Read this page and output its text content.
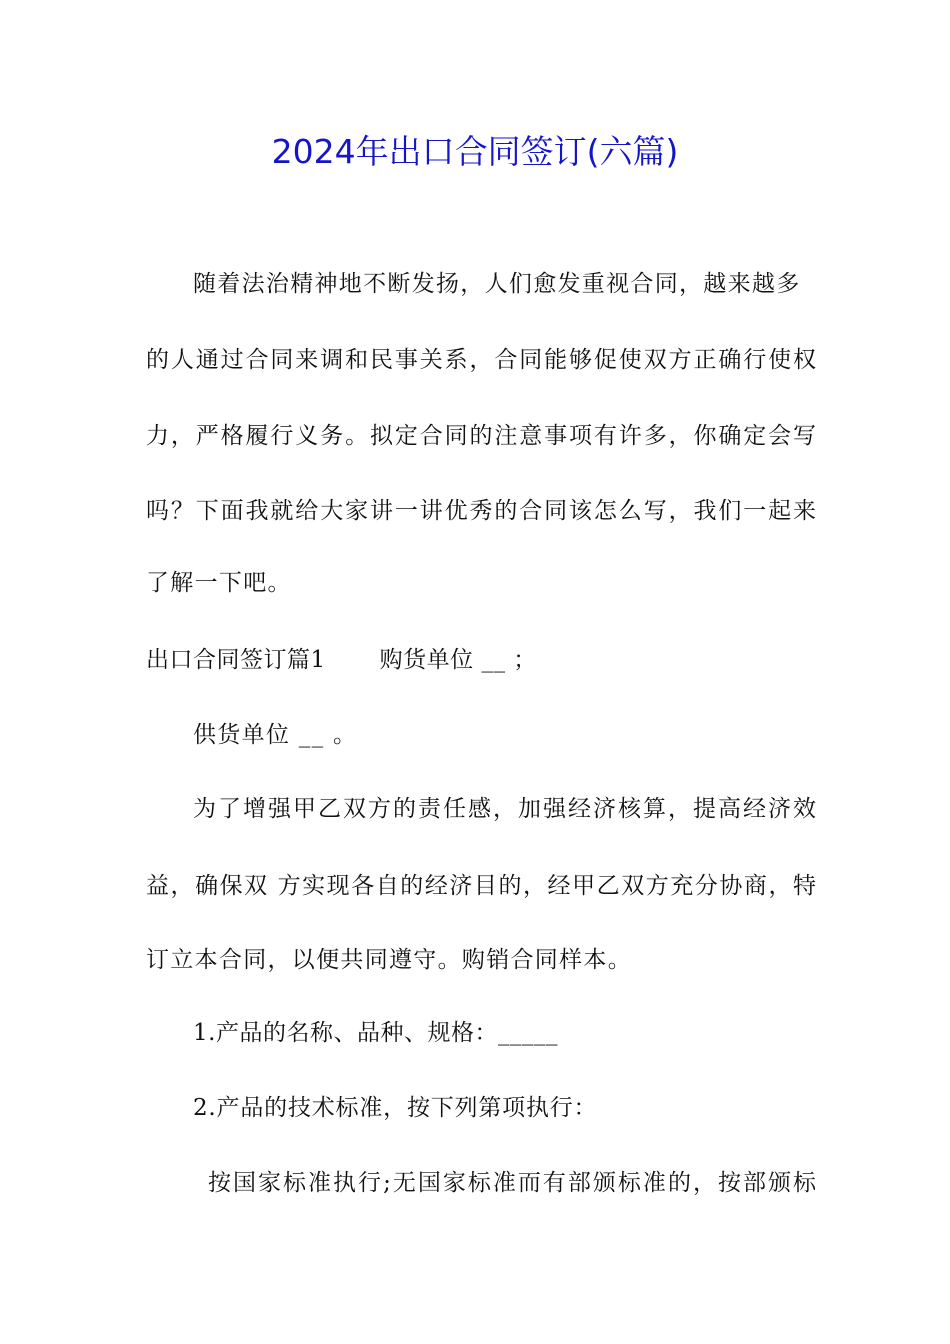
2024年出口合同签订(六篇)
随着法治精神地不断发扬，人们愈发重视合同，越来越多
的人通过合同来调和民事关系，合同能够促使双方正确行使权
力，严格履行义务。拟定合同的注意事项有许多，你确定会写
吗？下面我就给大家讲一讲优秀的合同该怎么写，我们一起来
了解一下吧。
出口合同签订篇1 购货单位 __ ；
供货单位 __ 。
为了增强甲乙双方的责任感，加强经济核算，提高经济效
益，确保双 方实现各自的经济目的，经甲乙双方充分协商，特
订立本合同，以便共同遵守。购销合同样本。
1.产品的名称、品种、规格：_____
2.产品的技术标准，按下列第项执行：
按国家标准执行;无国家标准而有部颁标准的，按部颁标
